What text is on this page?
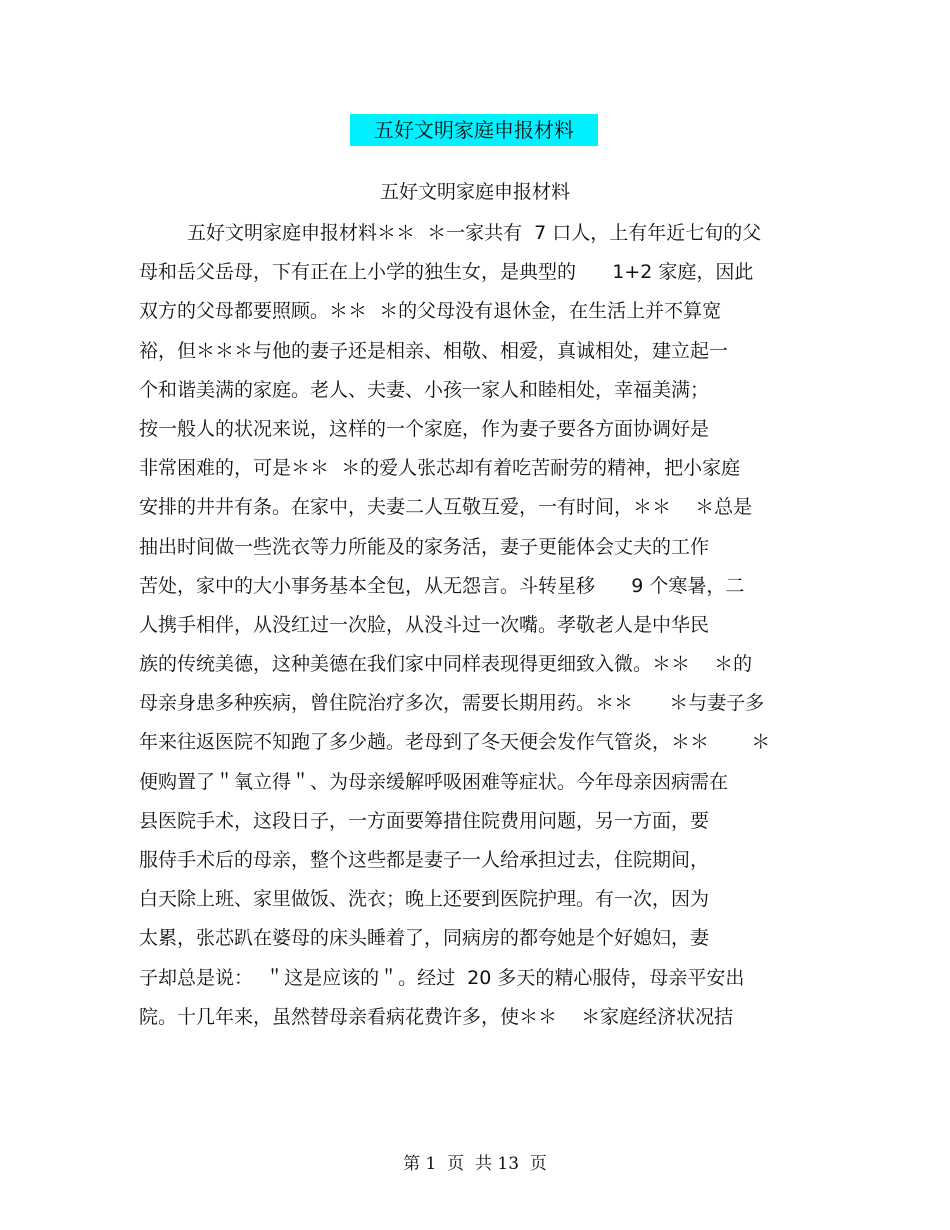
五好文明家庭申报材料
五好文明家庭申报材料
五好文明家庭申报材料＊＊  ＊一家共有  7 口人，上有年近七旬的父
母和岳父岳母，下有正在上小学的独生女，是典型的      1+2 家庭，因此
双方的父母都要照顾。＊＊  ＊的父母没有退休金，在生活上并不算宽
裕，但＊＊＊与他的妻子还是相亲、相敬、相爱，真诚相处，建立起一
个和谐美满的家庭。老人、夫妻、小孩一家人和睦相处，幸福美满；
按一般人的状况来说，这样的一个家庭，作为妻子要各方面协调好是
非常困难的，可是＊＊  ＊的爱人张芯却有着吃苦耐劳的精神，把小家庭
安排的井井有条。在家中，夫妻二人互敬互爱，一有时间，＊＊    ＊总是
抽出时间做一些洗衣等力所能及的家务活，妻子更能体会丈夫的工作
苦处，家中的大小事务基本全包，从无怨言。斗转星移      9 个寒暑，二
人携手相伴，从没红过一次脸，从没斗过一次嘴。孝敬老人是中华民
族的传统美德，这种美德在我们家中同样表现得更细致入微。＊＊    ＊的
母亲身患多种疾病，曾住院治疗多次，需要长期用药。＊＊      ＊与妻子多
年来往返医院不知跑了多少趟。老母到了冬天便会发作气管炎，＊＊       ＊
便购置了＂氧立得＂、为母亲缓解呼吸困难等症状。今年母亲因病需在
县医院手术，这段日子，一方面要筹措住院费用问题，另一方面，要
服侍手术后的母亲，整个这些都是妻子一人给承担过去，住院期间，
白天除上班、家里做饭、洗衣；晚上还要到医院护理。有一次，因为
太累，张芯趴在婆母的床头睡着了，同病房的都夸她是个好媳妇，妻
子却总是说：  ＂这是应该的＂。经过  20 多天的精心服侍，母亲平安出
院。十几年来，虽然替母亲看病花费许多，使＊＊    ＊家庭经济状况拮
第 1  页  共 13  页
